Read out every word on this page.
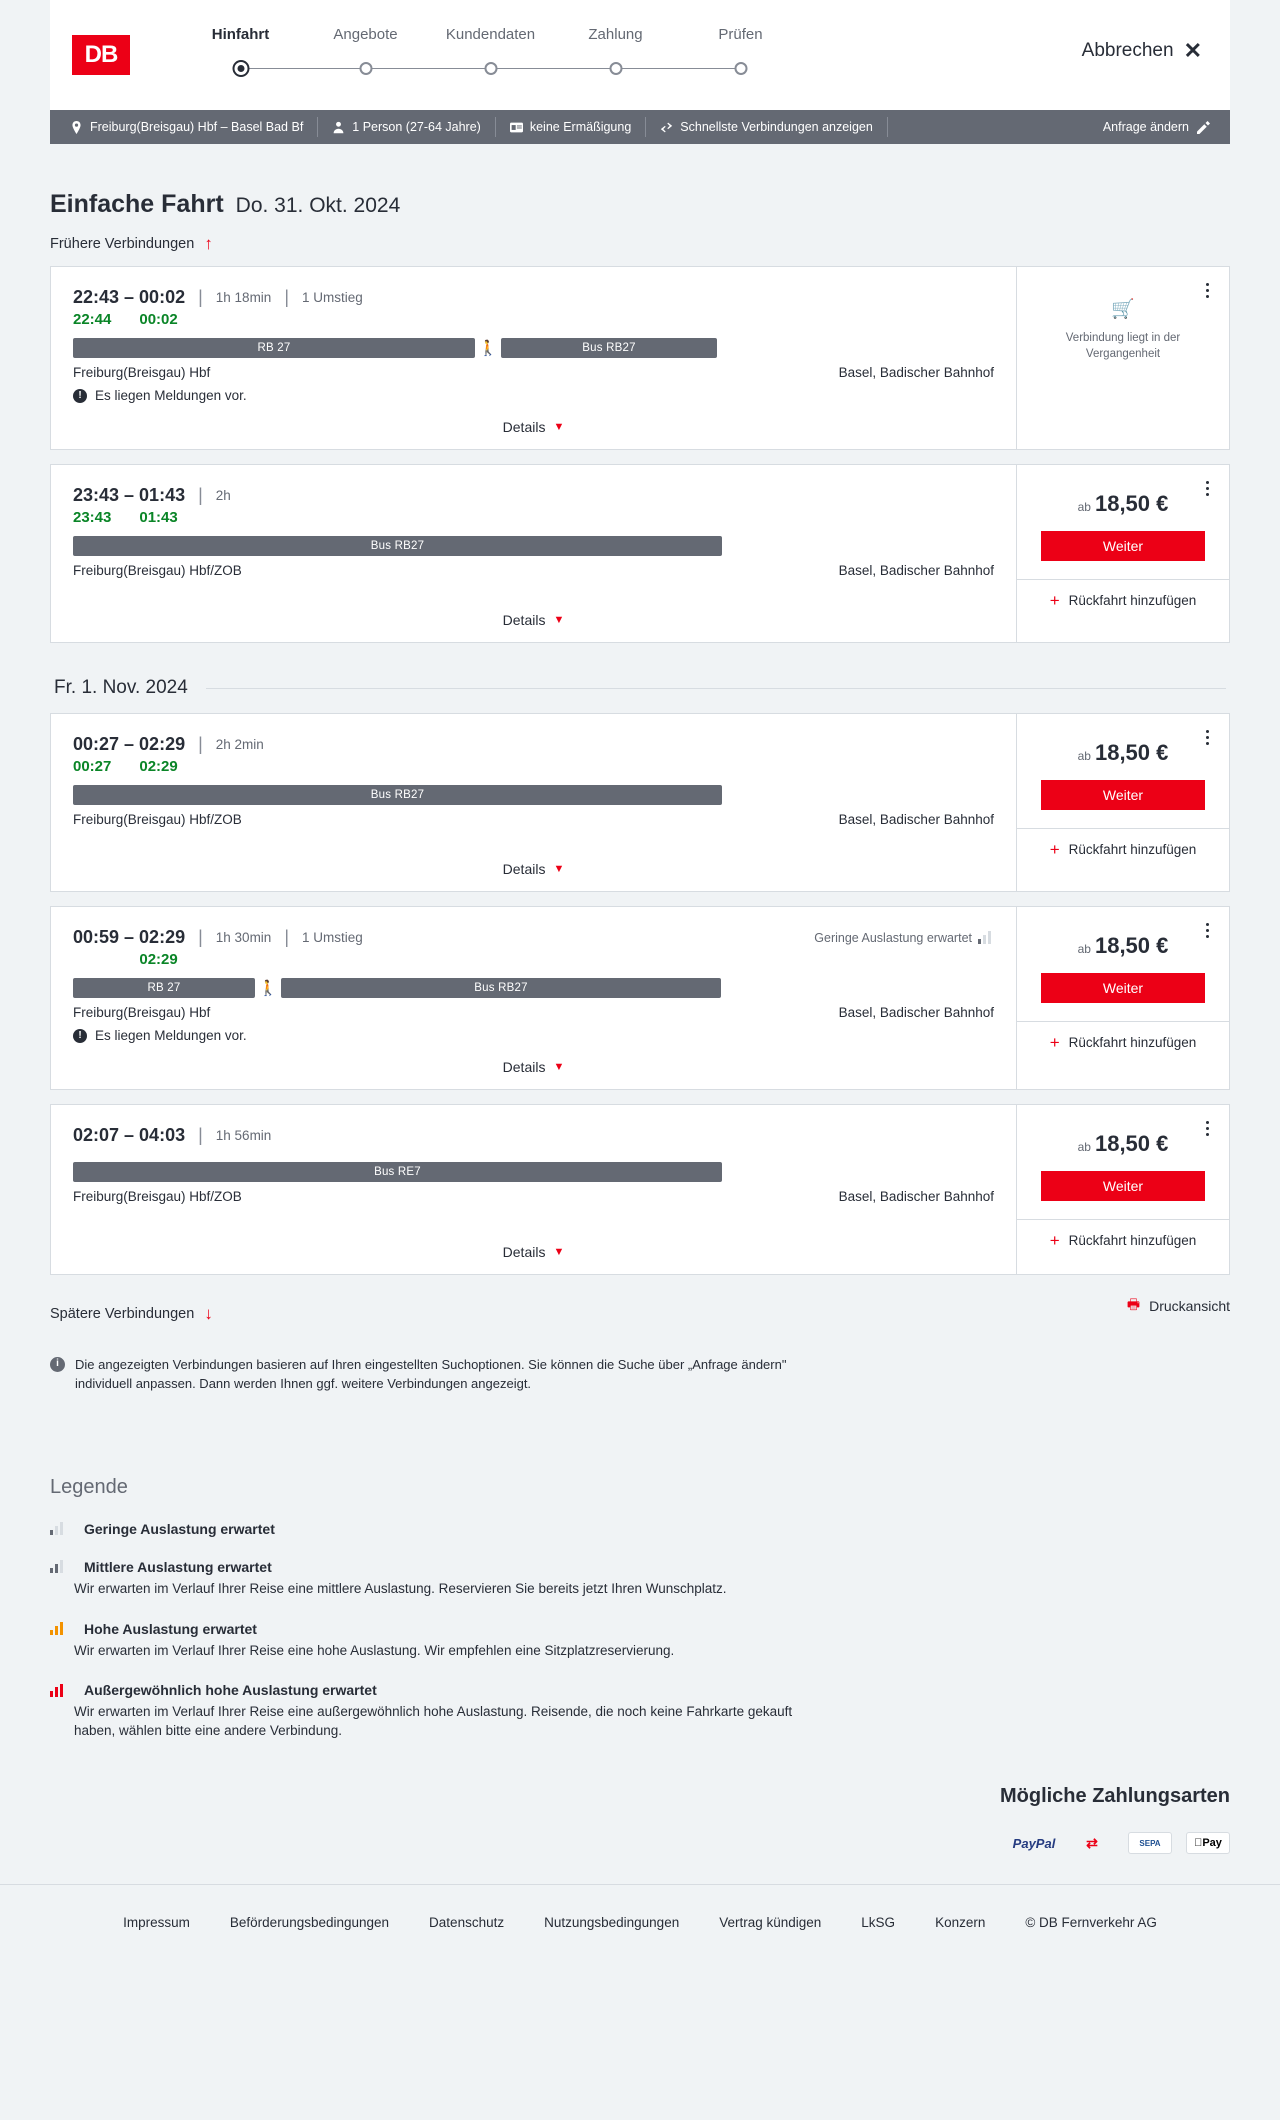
DB
Hinfahrt	Angebote	Kundendaten	Zahlung	Prüfen
Abbrechen ✕
Freiburg(Breisgau) Hbf – Basel Bad Bf	1 Person (27-64 Jahre)	keine Ermäßigung	Schnellste Verbindungen anzeigen	Anfrage ändern
Einfache Fahrt Do. 31. Okt. 2024
Frühere Verbindungen ↑
22:43 – 00:02 | 1h 18min | 1 Umstieg
22:44 00:02
RB 27	🚶	Bus RB27
Freiburg(Breisgau) Hbf	Basel, Badischer Bahnhof
! Es liegen Meldungen vor.
Details ▼
🛒
Verbindung liegt in der Vergangenheit
23:43 – 01:43 | 2h
23:43 01:43
Bus RB27
Freiburg(Breisgau) Hbf/ZOB	Basel, Badischer Bahnhof
Details ▼
ab 18,50 €
Weiter
+ Rückfahrt hinzufügen
Fr. 1. Nov. 2024
00:27 – 02:29 | 2h 2min
00:27 02:29
Bus RB27
Freiburg(Breisgau) Hbf/ZOB	Basel, Badischer Bahnhof
Details ▼
ab 18,50 €
Weiter
+ Rückfahrt hinzufügen
00:59 – 02:29 | 1h 30min | 1 Umstieg	Geringe Auslastung erwartet
02:29
RB 27	🚶	Bus RB27
Freiburg(Breisgau) Hbf	Basel, Badischer Bahnhof
! Es liegen Meldungen vor.
Details ▼
ab 18,50 €
Weiter
+ Rückfahrt hinzufügen
02:07 – 04:03 | 1h 56min
Bus RE7
Freiburg(Breisgau) Hbf/ZOB	Basel, Badischer Bahnhof
Details ▼
ab 18,50 €
Weiter
+ Rückfahrt hinzufügen
Spätere Verbindungen ↓
🖶 Druckansicht
i	Die angezeigten Verbindungen basieren auf Ihren eingestellten Suchoptionen. Sie können die Suche über „Anfrage ändern" individuell anpassen. Dann werden Ihnen ggf. weitere Verbindungen angezeigt.
Legende
Geringe Auslastung erwartet
Mittlere Auslastung erwartet
Wir erwarten im Verlauf Ihrer Reise eine mittlere Auslastung. Reservieren Sie bereits jetzt Ihren Wunschplatz.
Hohe Auslastung erwartet
Wir erwarten im Verlauf Ihrer Reise eine hohe Auslastung. Wir empfehlen eine Sitzplatzreservierung.
Außergewöhnlich hohe Auslastung erwartet
Wir erwarten im Verlauf Ihrer Reise eine außergewöhnlich hohe Auslastung. Reisende, die noch keine Fahrkarte gekauft haben, wählen bitte eine andere Verbindung.
Mögliche Zahlungsarten
PayPal	⇄	SEPA	Pay
Impressum	Beförderungsbedingungen	Datenschutz	Nutzungsbedingungen	Vertrag kündigen	LkSG	Konzern	© DB Fernverkehr AG
